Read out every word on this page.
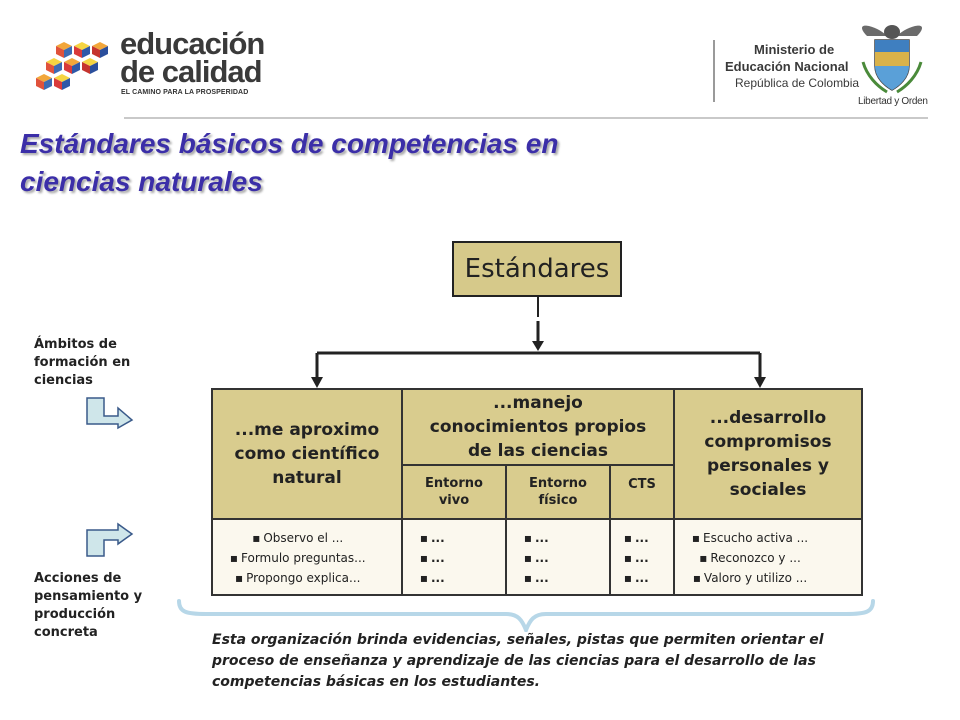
educación
de calidad
EL CAMINO PARA LA PROSPERIDAD
Ministerio de
Educación Nacional
República de Colombia
Libertad y Orden
Estándares básicos de competencias en
ciencias naturales
Ámbitos de formación en ciencias
Acciones de pensamiento y producción concreta
Estándares
...me aproximo como científico natural
...manejo conocimientos propios de las ciencias
...desarrollo compromisos personales y sociales
Entorno vivo
Entorno físico
CTS
▪ Observo el ...
▪ Formulo preguntas...
▪ Propongo explica...
▪ ...
▪ ...
▪ ...
▪ ...
▪ ...
▪ ...
▪ ...
▪ ...
▪ ...
▪ Escucho activa ...
▪ Reconozco y ...
▪ Valoro y utilizo ...
Esta organización brinda evidencias, señales, pistas que permiten orientar el proceso de enseñanza y aprendizaje de las ciencias para el desarrollo de las competencias básicas en los estudiantes.
